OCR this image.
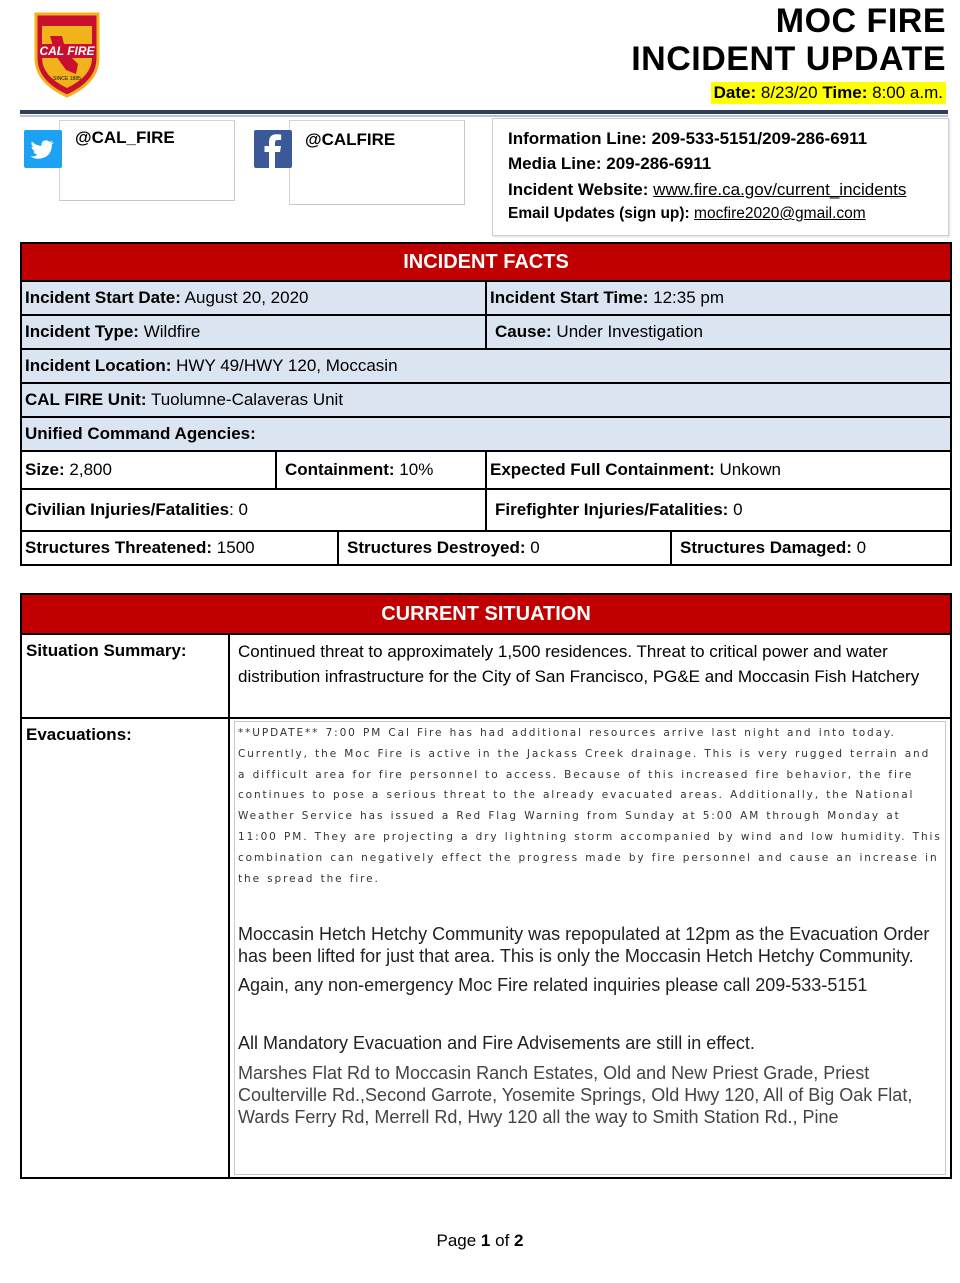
CAL FIRE
SINCE 1885
MOC FIRE
INCIDENT UPDATE
Date: 8/23/20 Time: 8:00 a.m.
@CAL_FIRE	@CALFIRE	Information Line: 209-533-5151/209-286-6911
Media Line: 209-286-6911
Incident Website: www.fire.ca.gov/current_incidents
Email Updates (sign up): mocfire2020@gmail.com
INCIDENT FACTS				
Incident Start Date: August 20, 2020			Incident Start Time: 12:35 pm	
Incident Type: Wildfire			Cause: Under Investigation	
Incident Location: HWY 49/HWY 120, Moccasin				
CAL FIRE Unit: Tuolumne-Calaveras Unit				
Unified Command Agencies:				
Size: 2,800	Containment: 10%		Expected Full Containment: Unkown	
Civilian Injuries/Fatalities: 0			Firefighter Injuries/Fatalities: 0	
Structures Threatened: 1500		Structures Destroyed: 0		Structures Damaged: 0
CURRENT SITUATION	
Situation Summary:	Continued threat to approximately 1,500 residences. Threat to critical power and water distribution infrastructure for the City of San Francisco, PG&E and Moccasin Fish Hatchery
Evacuations:	**UPDATE** 7:00 PM Cal Fire has had additional resources arrive last night and into today. Currently, the Moc Fire is active in the Jackass Creek drainage. This is very rugged terrain and a difficult area for fire personnel to access. Because of this increased fire behavior, the fire continues to pose a serious threat to the already evacuated areas. Additionally, the National Weather Service has issued a Red Flag Warning from Sunday at 5:00 AM through Monday at 11:00 PM. They are projecting a dry lightning storm accompanied by wind and low humidity. This combination can negatively effect the progress made by fire personnel and cause an increase in the spread the fire.

Moccasin Hetch Hetchy Community was repopulated at 12pm as the Evacuation Order has been lifted for just that area. This is only the Moccasin Hetch Hetchy Community.

Again, any non-emergency Moc Fire related inquiries please call 209-533-5151

All Mandatory Evacuation and Fire Advisements are still in effect.

Marshes Flat Rd to Moccasin Ranch Estates, Old and New Priest Grade, Priest Coulterville Rd.,Second Garrote, Yosemite Springs, Old Hwy 120, All of Big Oak Flat, Wards Ferry Rd, Merrell Rd, Hwy 120 all the way to Smith Station Rd., Pine

Page 1 of 2
